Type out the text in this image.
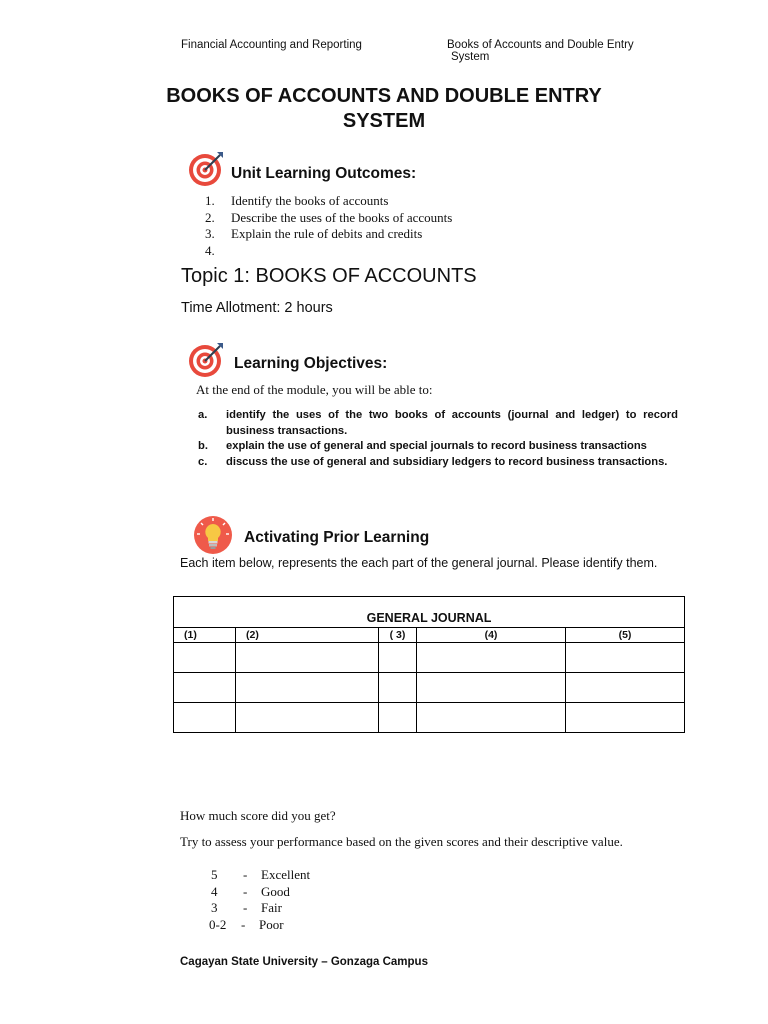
Financial Accounting and Reporting	Books of Accounts and Double Entry
System
BOOKS OF ACCOUNTS AND DOUBLE ENTRY
SYSTEM
Unit Learning Outcomes:
1. Identify the books of accounts
2. Describe the uses of the books of accounts
3. Explain the rule of debits and credits
4.
Topic 1: BOOKS OF ACCOUNTS
Time Allotment: 2 hours
Learning Objectives:
At the end of the module, you will be able to:
a.	identify the uses of the two books of accounts (journal and ledger) to record business transactions.
b.	explain the use of general and special journals to record business transactions
c.	discuss the use of general and subsidiary ledgers to record business transactions.
Activating Prior Learning
Each item below, represents the each part of the general journal. Please identify them.
GENERAL JOURNAL				
(1)	(2)	( 3)	(4)	(5)

How much score did you get?
Try to assess your performance based on the given scores and their descriptive value.
5 - Excellent
4 - Good
3 - Fair
0-2 - Poor
Cagayan State University – Gonzaga Campus
